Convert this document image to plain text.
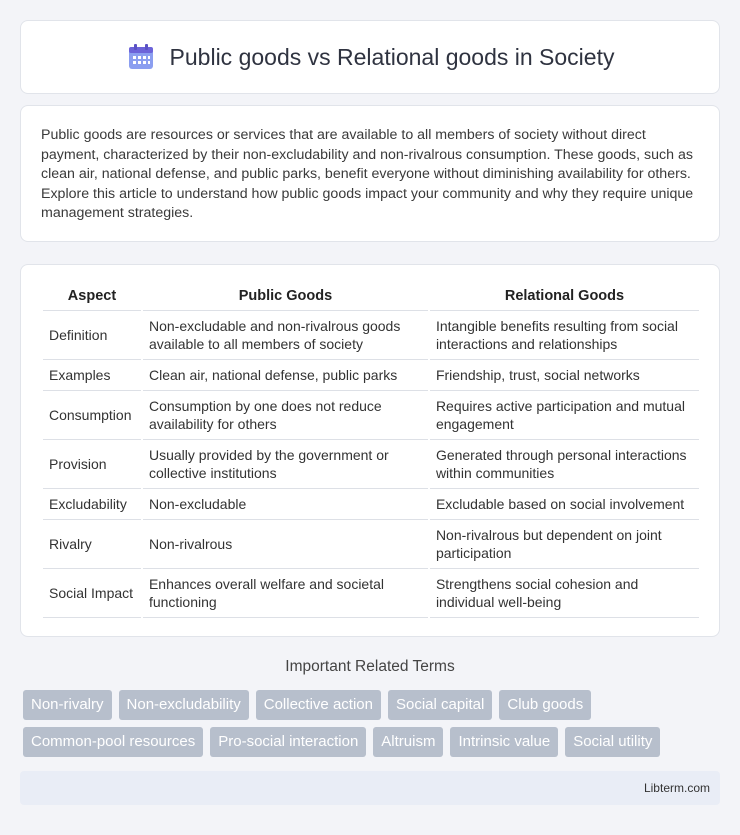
Public goods vs Relational goods in Society

Public goods are resources or services that are available to all members of society without direct payment, characterized by their non-excludability and non-rivalrous consumption. These goods, such as clean air, national defense, and public parks, benefit everyone without diminishing availability for others. Explore this article to understand how public goods impact your community and why they require unique management strategies.

Aspect	Public Goods	Relational Goods
Definition	Non-excludable and non-rivalrous goods available to all members of society	Intangible benefits resulting from social interactions and relationships
Examples	Clean air, national defense, public parks	Friendship, trust, social networks
Consumption	Consumption by one does not reduce availability for others	Requires active participation and mutual engagement
Provision	Usually provided by the government or collective institutions	Generated through personal interactions within communities
Excludability	Non-excludable	Excludable based on social involvement
Rivalry	Non-rivalrous	Non-rivalrous but dependent on joint participation
Social Impact	Enhances overall welfare and societal functioning	Strengthens social cohesion and individual well-being
Important Related Terms
Non-rivalry	Non-excludability	Collective action	Social capital	Club goods
Common-pool resources	Pro-social interaction	Altruism	Intrinsic value	Social utility
Libterm.com
